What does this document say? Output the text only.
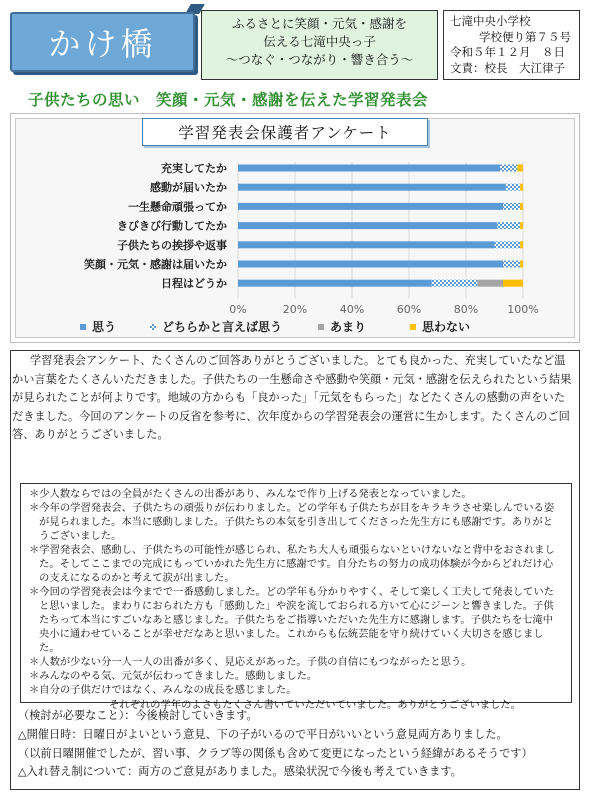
かけ橋
ふるさとに笑顔・元気・感謝を
伝える七滝中央っ子
～つなぐ・つながり・響き合う～
七滝中央小学校
学校便り第７５号
令和５年１２月　８日
文責：校長　大江律子
子供たちの思い　笑顔・元気・感謝を伝えた学習発表会
0%	20%	40%	60%	80%	100%
充実してたか
感動が届いたか
一生懸命頑張ってか
きびきび行動してたか
子供たちの挨拶や返事
笑顔・元気・感謝は届いたか
日程はどうか
思う	どちらかと言えば思う	あまり	思わない
学習発表会保護者アンケート
学習発表会アンケート、たくさんのご回答ありがとうございました。とても良かった、充実していたなど温かい言葉をたくさんいただきました。子供たちの一生懸命さや感動や笑顔・元気・感謝を伝えられたという結果が見られたことが何よりです。地域の方からも「良かった」「元気をもらった」などたくさんの感動の声をいただきました。今回のアンケートの反省を参考に、次年度からの学習発表会の運営に生かします。たくさんのご回答、ありがとうございました。
＊少人数ならではの全員がたくさんの出番があり、みんなで作り上げる発表となっていました。
＊今年の学習発表会、子供たちの頑張りが伝わりました。どの学年も子供たちが目をキラキラさせ楽しんでいる姿が見られました。本当に感動しました。子供たちの本気を引き出してくださった先生方にも感謝です。ありがとうございました。
＊学習発表会、感動し、子供たちの可能性が感じられ、私たち大人も頑張らないといけないなと背中をおされました。そしてここまでの完成にもっていかれた先生方に感謝です。自分たちの努力の成功体験が今からどれだけ心の支えになるのかと考えて涙が出ました。
＊今回の学習発表会は今までで一番感動しました。どの学年も分かりやすく、そして楽しく工夫して発表していたと思いました。まわりにおられた方も「感動した」や涙を流しておられる方いて心にジーンと響きました。子供たちって本当にすごいなあと感じました。子供たちをご指導いただいた先生方に感謝します。子供たちを七滝中央小に通わせていることが幸せだなあと思いました。これからも伝統芸能を守り続けていく大切さを感じました。
＊人数が少ない分一人一人の出番が多く、見応えがあった。子供の自信にもつながったと思う。
＊みんなのやる気、元気が伝わってきました。感動しました。
＊自分の子供だけではなく、みんなの成長を感じました。
それぞれの学年のよさもたくさん書いていただいていました。ありがとうございました。
（検討が必要なこと）：今後検討していきます。
△開催日時：日曜日がよいという意見、下の子がいるので平日がいいという意見両方ありました。
（以前日曜開催でしたが、習い事、クラブ等の関係も含めて変更になったという経緯があるそうです）
△入れ替え制について：両方のご意見がありました。感染状況で今後も考えていきます。
